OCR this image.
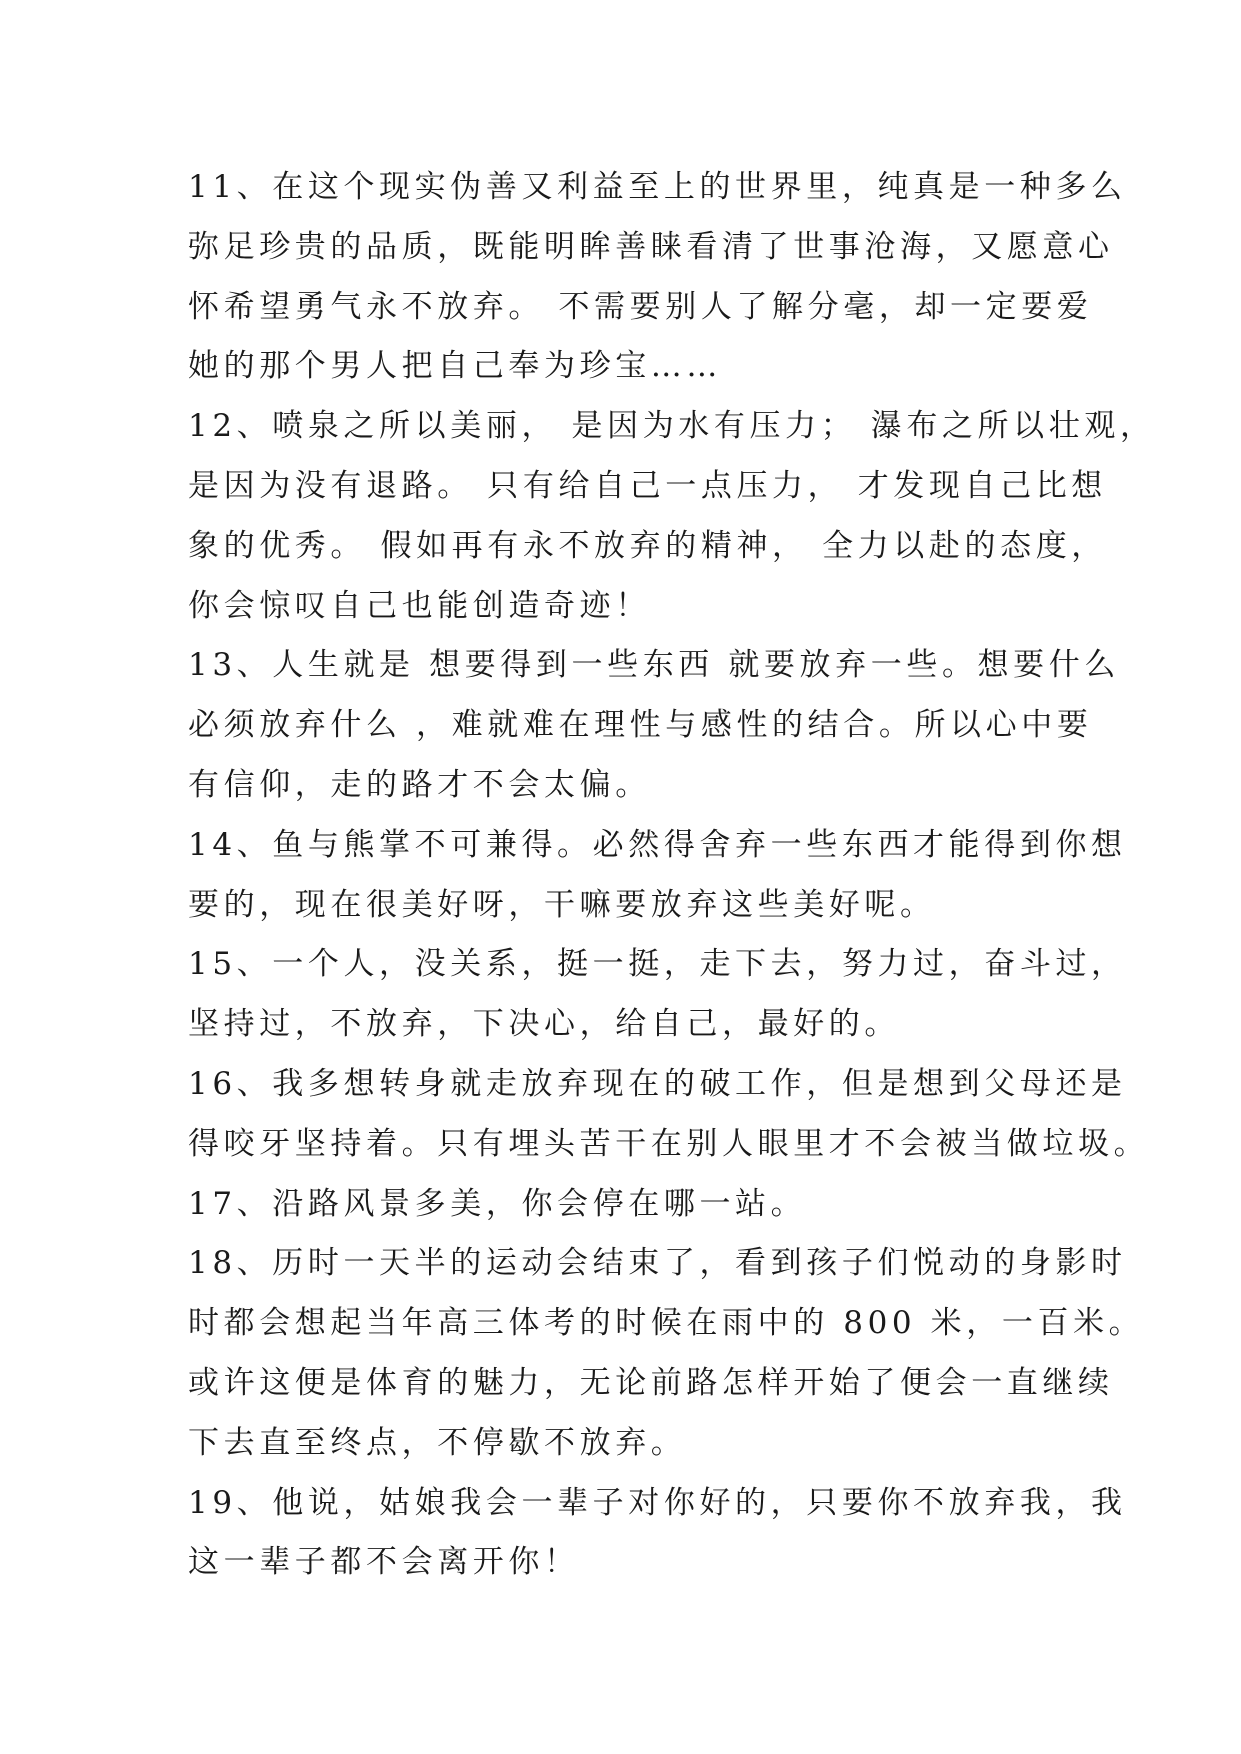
11、在这个现实伪善又利益至上的世界里，纯真是一种多么
弥足珍贵的品质，既能明眸善睐看清了世事沧海，又愿意心
怀希望勇气永不放弃。 不需要别人了解分毫，却一定要爱
她的那个男人把自己奉为珍宝……
12、喷泉之所以美丽， 是因为水有压力； 瀑布之所以壮观，
是因为没有退路。 只有给自己一点压力， 才发现自己比想
象的优秀。 假如再有永不放弃的精神， 全力以赴的态度，
你会惊叹自己也能创造奇迹！
13、人生就是 想要得到一些东西 就要放弃一些。想要什么
必须放弃什么 ，难就难在理性与感性的结合。所以心中要
有信仰，走的路才不会太偏。
14、鱼与熊掌不可兼得。必然得舍弃一些东西才能得到你想
要的，现在很美好呀，干嘛要放弃这些美好呢。
15、一个人，没关系，挺一挺，走下去，努力过，奋斗过，
坚持过，不放弃，下决心，给自己，最好的。
16、我多想转身就走放弃现在的破工作，但是想到父母还是
得咬牙坚持着。只有埋头苦干在别人眼里才不会被当做垃圾。
17、沿路风景多美，你会停在哪一站。
18、历时一天半的运动会结束了，看到孩子们悦动的身影时
时都会想起当年高三体考的时候在雨中的 800 米，一百米。
或许这便是体育的魅力，无论前路怎样开始了便会一直继续
下去直至终点，不停歇不放弃。
19、他说，姑娘我会一辈子对你好的，只要你不放弃我，我
这一辈子都不会离开你！
